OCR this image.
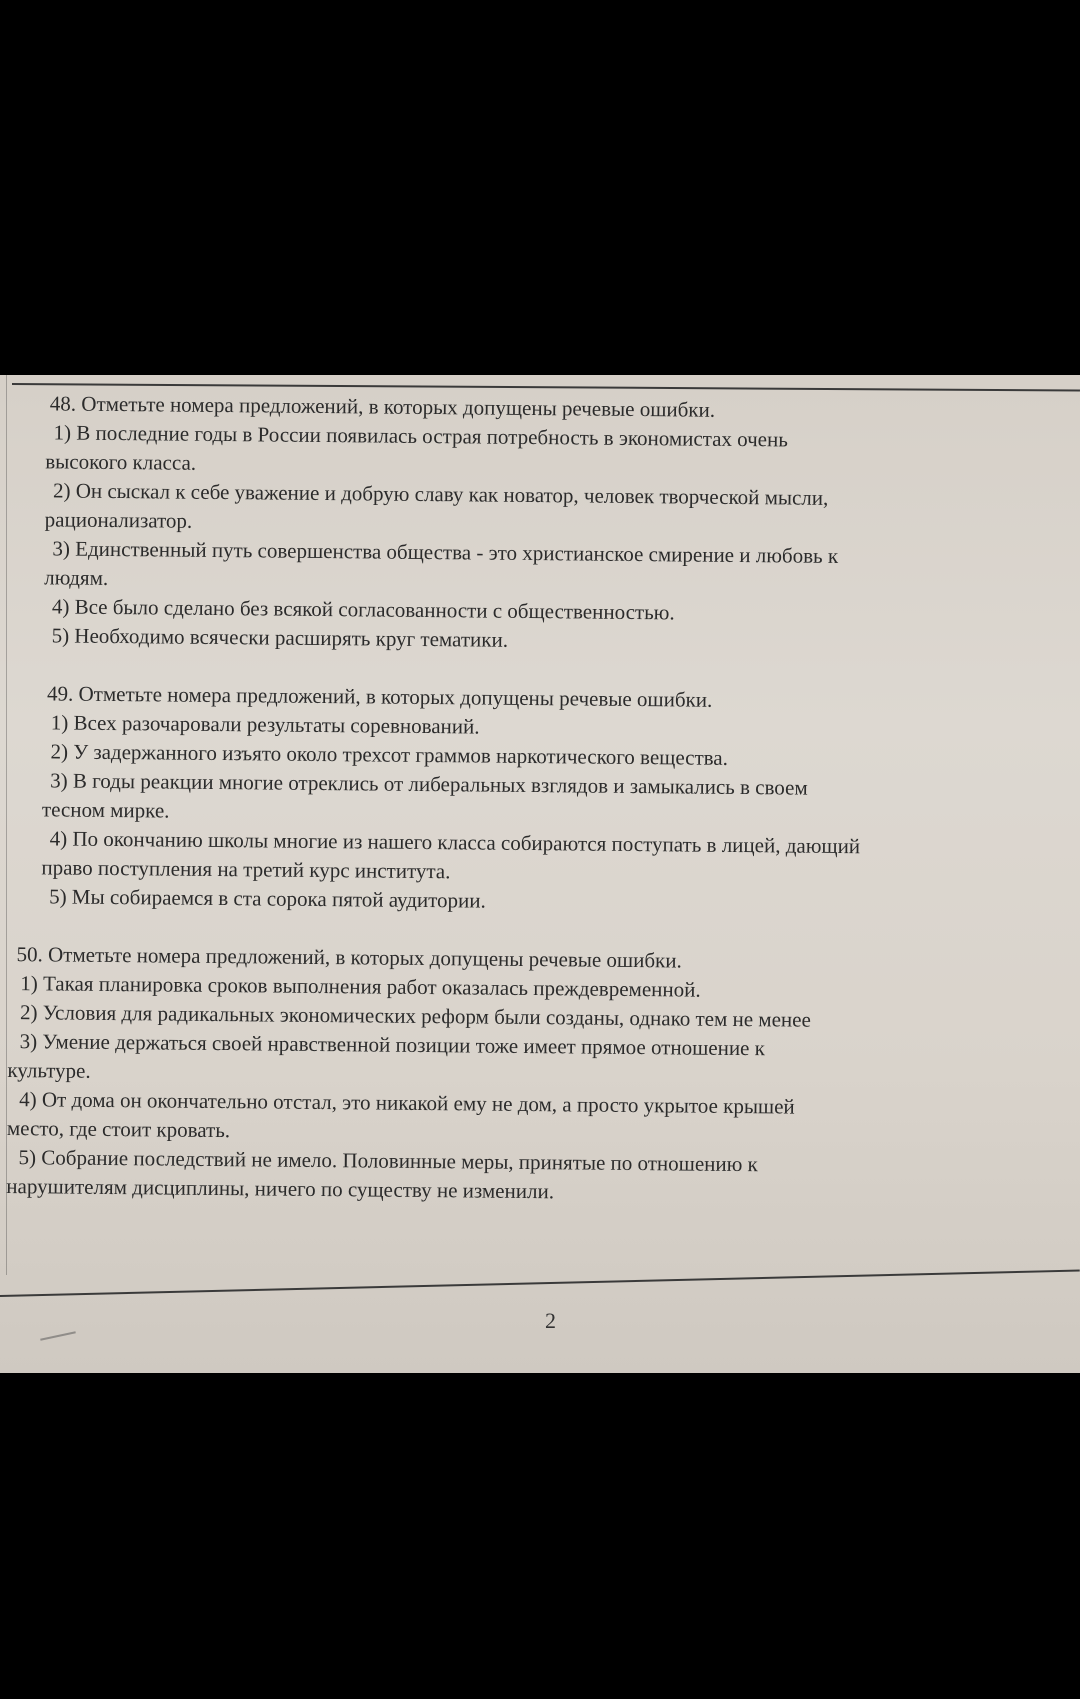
48. Отметьте номера предложений, в которых допущены речевые ошибки.

1) В последние годы в России появилась острая потребность в экономистах очень
высокого класса.

2) Он сыскал к себе уважение и добрую славу как новатор, человек творческой мысли,
рационализатор.

3) Единственный путь совершенства общества - это христианское смирение и любовь к
людям.

4) Все было сделано без всякой согласованности с общественностью.

5) Необходимо всячески расширять круг тематики.

49. Отметьте номера предложений, в которых допущены речевые ошибки.

1) Всех разочаровали результаты соревнований.

2) У задержанного изъято около трехсот граммов наркотического вещества.

3) В годы реакции многие отреклись от либеральных взглядов и замыкались в своем
тесном мирке.

4) По окончанию школы многие из нашего класса собираются поступать в лицей, дающий
право поступления на третий курс института.

5) Мы собираемся в ста сорока пятой аудитории.

50. Отметьте номера предложений, в которых допущены речевые ошибки.

1) Такая планировка сроков выполнения работ оказалась преждевременной.

2) Условия для радикальных экономических реформ были созданы, однако тем не менее

3) Умение держаться своей нравственной позиции тоже имеет прямое отношение к
культуре.

4) От дома он окончательно отстал, это никакой ему не дом, а просто укрытое крышей
место, где стоит кровать.

5) Собрание последствий не имело. Половинные меры, принятые по отношению к
нарушителям дисциплины, ничего по существу не изменили.

2
